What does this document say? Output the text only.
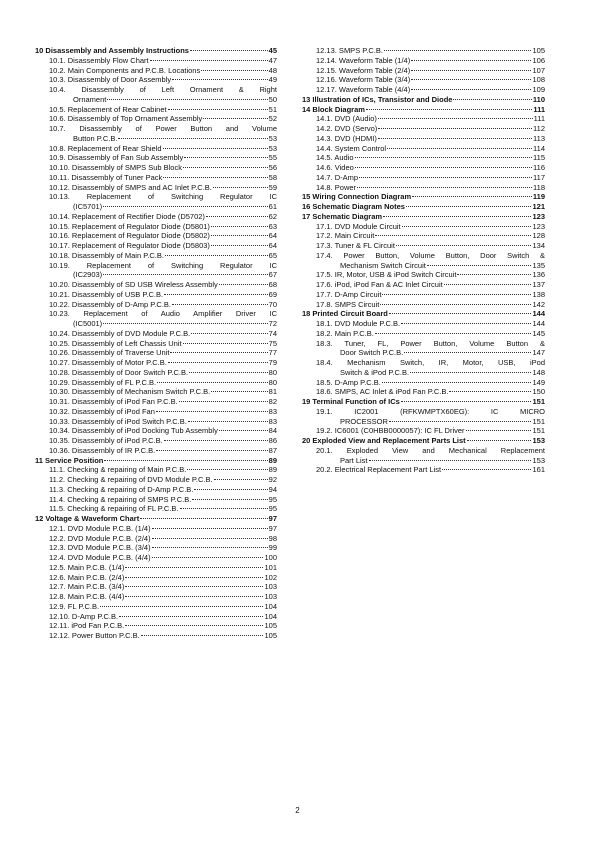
10 Disassembly and Assembly Instructions	45
10.1. Disassembly Flow Chart	47
10.2. Main Components and P.C.B. Locations	48
10.3. Disassembly of Door Assembly	49
10.4. Disassembly of Left Ornament & Right
Ornament	50
10.5. Replacement of Rear Cabinet	51
10.6. Disassembly of Top Ornament Assembly	52
10.7. Disassembly of Power Button and Volume
Button P.C.B.	53
10.8. Replacement of Rear Shield	53
10.9. Disassembly of Fan Sub Assembly	55
10.10. Disassembly of SMPS Sub Block	56
10.11. Disassembly of Tuner Pack	58
10.12. Disassembly of SMPS and AC Inlet P.C.B.	59
10.13. Replacement of Switching Regulator IC
(IC5701)	61
10.14. Replacement of Rectifier Diode (D5702)	62
10.15. Replacement of Regulator Diode (D5801)	63
10.16. Replacement of Regulator Diode (D5802)	64
10.17. Replacement of Regulator Diode (D5803)	64
10.18. Disassembly of Main P.C.B.	65
10.19. Replacement of Switching Regulator IC
(IC2903)	67
10.20. Disassembly of SD USB Wireless Assembly	68
10.21. Disassembly of USB P.C.B.	69
10.22. Disassembly of D-Amp P.C.B.	70
10.23. Replacement of Audio Amplifier Driver IC
(IC5001)	72
10.24. Disassembly of DVD Module P.C.B.	74
10.25. Disassembly of Left Chassis Unit	75
10.26. Disassembly of Traverse Unit	77
10.27. Disassembly of Motor P.C.B.	79
10.28. Disassembly of Door Switch P.C.B.	80
10.29. Disassembly of FL P.C.B.	80
10.30. Disassembly of Mechanism Switch P.C.B.	81
10.31. Disassembly of iPod Fan P.C.B.	82
10.32. Disassembly of iPod Fan	83
10.33. Disassembly of iPod Switch P.C.B.	83
10.34. Disassembly of iPod Docking Tub Assembly	84
10.35. Disassembly of iPod P.C.B.	86
10.36. Disassembly of IR P.C.B.	87
11 Service Position	89
11.1. Checking & repairing of Main P.C.B.	89
11.2. Checking & repairing of DVD Module P.C.B.	92
11.3. Checking & repairing of D-Amp P.C.B.	94
11.4. Checking & repairing of SMPS P.C.B.	95
11.5. Checking & repairing of FL P.C.B.	95
12 Voltage & Waveform Chart	97
12.1. DVD Module P.C.B. (1/4)	97
12.2. DVD Module P.C.B. (2/4)	98
12.3. DVD Module P.C.B. (3/4)	99
12.4. DVD Module P.C.B. (4/4)	100
12.5. Main P.C.B. (1/4)	101
12.6. Main P.C.B. (2/4)	102
12.7. Main P.C.B. (3/4)	103
12.8. Main P.C.B. (4/4)	103
12.9. FL P.C.B.	104
12.10. D-Amp P.C.B.	104
12.11. iPod Fan P.C.B.	105
12.12. Power Button P.C.B.	105
12.13. SMPS P.C.B.	105
12.14. Waveform Table (1/4)	106
12.15. Waveform Table (2/4)	107
12.16. Waveform Table (3/4)	108
12.17. Waveform Table (4/4)	109
13 Illustration of ICs, Transistor and Diode	110
14 Block Diagram	111
14.1. DVD (Audio)	111
14.2. DVD (Servo)	112
14.3. DVD (HDMI)	113
14.4. System Control	114
14.5. Audio	115
14.6. Video	116
14.7. D-Amp	117
14.8. Power	118
15 Wiring Connection Diagram	119
16 Schematic Diagram Notes	121
17 Schematic Diagram	123
17.1. DVD Module Circuit	123
17.2. Main Circuit	128
17.3. Tuner & FL Circuit	134
17.4. Power Button, Volume Button, Door Switch &
Mechanism Switch Circuit	135
17.5. IR, Motor, USB & iPod Switch Circuit	136
17.6. iPod, iPod Fan & AC Inlet Circuit	137
17.7. D-Amp Circuit	138
17.8. SMPS Circuit	142
18 Printed Circuit Board	144
18.1. DVD Module P.C.B.	144
18.2. Main P.C.B.	145
18.3. Tuner, FL, Power Button, Volume Button &
Door Switch P.C.B.	147
18.4. Mechanism Switch, IR, Motor, USB, iPod
Switch & iPod P.C.B.	148
18.5. D-Amp P.C.B.	149
18.6. SMPS, AC Inlet & iPod Fan P.C.B.	150
19 Terminal Function of ICs	151
19.1. IC2001 (RFKWMPTX60EG): IC MICRO
PROCESSOR	151
19.2. IC6001 (C0HBB0000057): IC FL Driver	151
20 Exploded View and Replacement Parts List	153
20.1. Exploded View and Mechanical Replacement
Part List	153
20.2. Electrical Replacement Part List	161
2
